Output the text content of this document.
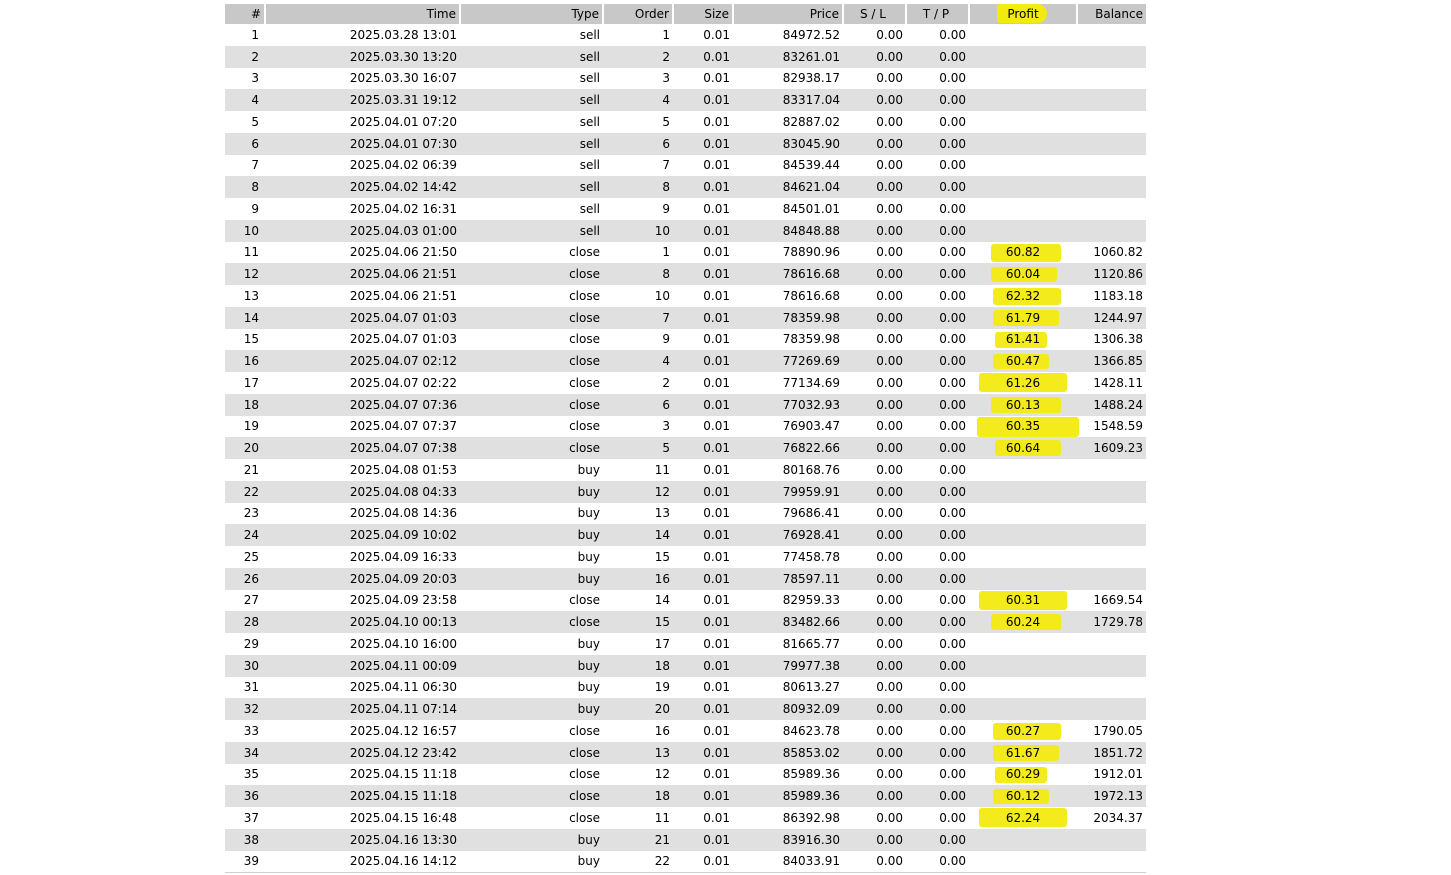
#	Time	Type	Order	Size	Price	S / L	T / P	Profit	Balance
1	2025.03.28 13:01	sell	1	0.01	84972.52	0.00	0.00		
2	2025.03.30 13:20	sell	2	0.01	83261.01	0.00	0.00		
3	2025.03.30 16:07	sell	3	0.01	82938.17	0.00	0.00		
4	2025.03.31 19:12	sell	4	0.01	83317.04	0.00	0.00		
5	2025.04.01 07:20	sell	5	0.01	82887.02	0.00	0.00		
6	2025.04.01 07:30	sell	6	0.01	83045.90	0.00	0.00		
7	2025.04.02 06:39	sell	7	0.01	84539.44	0.00	0.00		
8	2025.04.02 14:42	sell	8	0.01	84621.04	0.00	0.00		
9	2025.04.02 16:31	sell	9	0.01	84501.01	0.00	0.00		
10	2025.04.03 01:00	sell	10	0.01	84848.88	0.00	0.00		
11	2025.04.06 21:50	close	1	0.01	78890.96	0.00	0.00	60.82	1060.82
12	2025.04.06 21:51	close	8	0.01	78616.68	0.00	0.00	60.04	1120.86
13	2025.04.06 21:51	close	10	0.01	78616.68	0.00	0.00	62.32	1183.18
14	2025.04.07 01:03	close	7	0.01	78359.98	0.00	0.00	61.79	1244.97
15	2025.04.07 01:03	close	9	0.01	78359.98	0.00	0.00	61.41	1306.38
16	2025.04.07 02:12	close	4	0.01	77269.69	0.00	0.00	60.47	1366.85
17	2025.04.07 02:22	close	2	0.01	77134.69	0.00	0.00	61.26	1428.11
18	2025.04.07 07:36	close	6	0.01	77032.93	0.00	0.00	60.13	1488.24
19	2025.04.07 07:37	close	3	0.01	76903.47	0.00	0.00	60.35	1548.59
20	2025.04.07 07:38	close	5	0.01	76822.66	0.00	0.00	60.64	1609.23
21	2025.04.08 01:53	buy	11	0.01	80168.76	0.00	0.00		
22	2025.04.08 04:33	buy	12	0.01	79959.91	0.00	0.00		
23	2025.04.08 14:36	buy	13	0.01	79686.41	0.00	0.00		
24	2025.04.09 10:02	buy	14	0.01	76928.41	0.00	0.00		
25	2025.04.09 16:33	buy	15	0.01	77458.78	0.00	0.00		
26	2025.04.09 20:03	buy	16	0.01	78597.11	0.00	0.00		
27	2025.04.09 23:58	close	14	0.01	82959.33	0.00	0.00	60.31	1669.54
28	2025.04.10 00:13	close	15	0.01	83482.66	0.00	0.00	60.24	1729.78
29	2025.04.10 16:00	buy	17	0.01	81665.77	0.00	0.00		
30	2025.04.11 00:09	buy	18	0.01	79977.38	0.00	0.00		
31	2025.04.11 06:30	buy	19	0.01	80613.27	0.00	0.00		
32	2025.04.11 07:14	buy	20	0.01	80932.09	0.00	0.00		
33	2025.04.12 16:57	close	16	0.01	84623.78	0.00	0.00	60.27	1790.05
34	2025.04.12 23:42	close	13	0.01	85853.02	0.00	0.00	61.67	1851.72
35	2025.04.15 11:18	close	12	0.01	85989.36	0.00	0.00	60.29	1912.01
36	2025.04.15 11:18	close	18	0.01	85989.36	0.00	0.00	60.12	1972.13
37	2025.04.15 16:48	close	11	0.01	86392.98	0.00	0.00	62.24	2034.37
38	2025.04.16 13:30	buy	21	0.01	83916.30	0.00	0.00		
39	2025.04.16 14:12	buy	22	0.01	84033.91	0.00	0.00		
